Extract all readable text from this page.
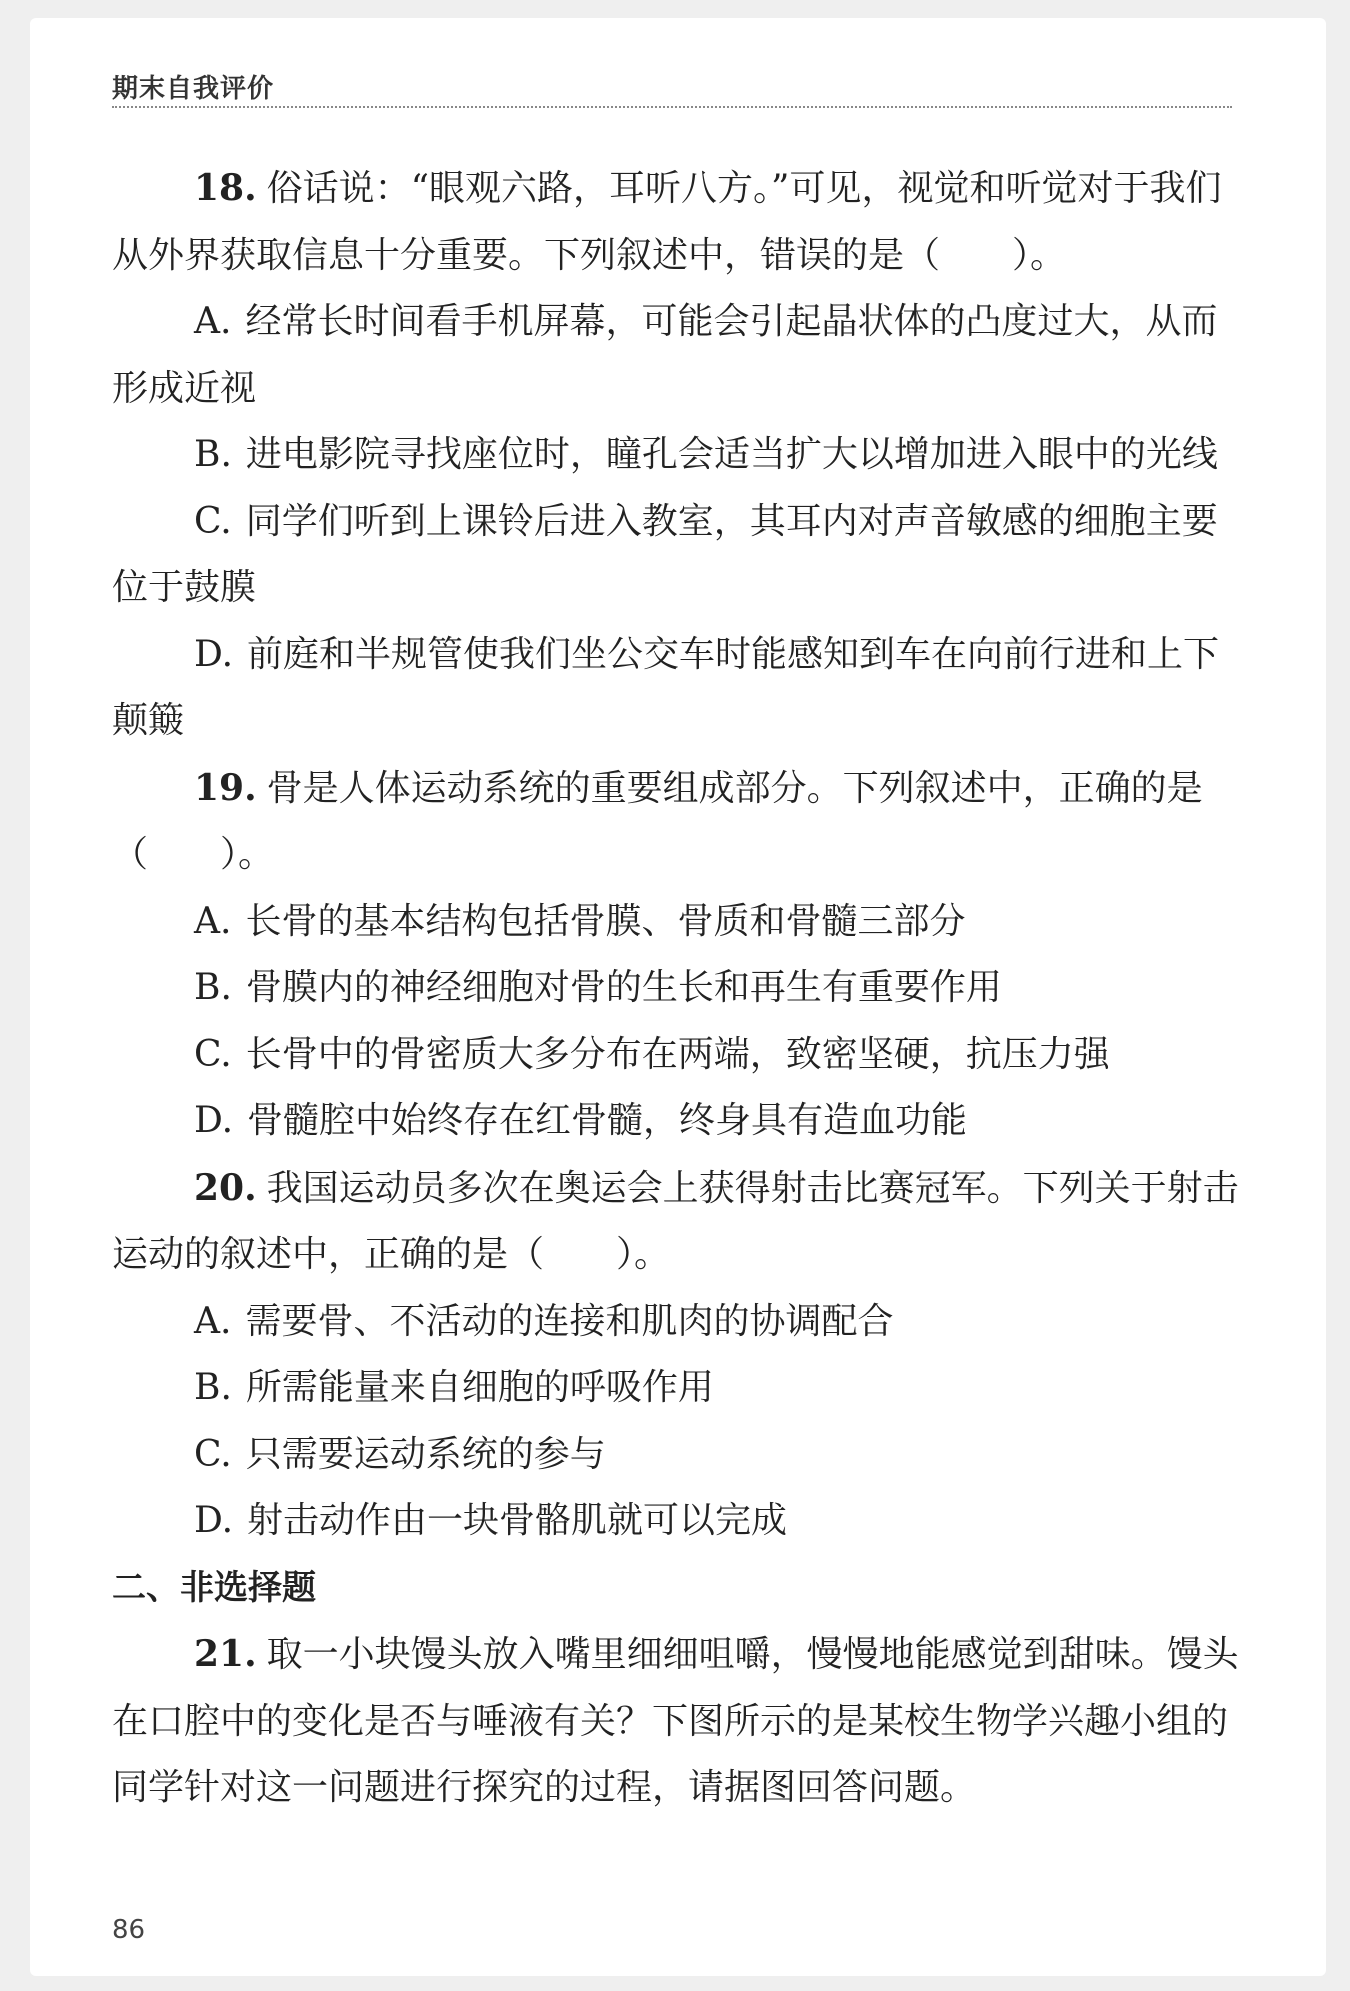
期末自我评价

18. 俗话说：“眼观六路，耳听八方。”可见，视觉和听觉对于我们从外界获取信息十分重要。下列叙述中，错误的是（　　）。

A. 经常长时间看手机屏幕，可能会引起晶状体的凸度过大，从而形成近视

B. 进电影院寻找座位时，瞳孔会适当扩大以增加进入眼中的光线

C. 同学们听到上课铃后进入教室，其耳内对声音敏感的细胞主要位于鼓膜

D. 前庭和半规管使我们坐公交车时能感知到车在向前行进和上下颠簸

19. 骨是人体运动系统的重要组成部分。下列叙述中，正确的是（　　）。

A. 长骨的基本结构包括骨膜、骨质和骨髓三部分

B. 骨膜内的神经细胞对骨的生长和再生有重要作用

C. 长骨中的骨密质大多分布在两端，致密坚硬，抗压力强

D. 骨髓腔中始终存在红骨髓，终身具有造血功能

20. 我国运动员多次在奥运会上获得射击比赛冠军。下列关于射击运动的叙述中，正确的是（　　）。

A. 需要骨、不活动的连接和肌肉的协调配合

B. 所需能量来自细胞的呼吸作用

C. 只需要运动系统的参与

D. 射击动作由一块骨骼肌就可以完成

二、非选择题

21. 取一小块馒头放入嘴里细细咀嚼，慢慢地能感觉到甜味。馒头在口腔中的变化是否与唾液有关？下图所示的是某校生物学兴趣小组的同学针对这一问题进行探究的过程，请据图回答问题。

86
